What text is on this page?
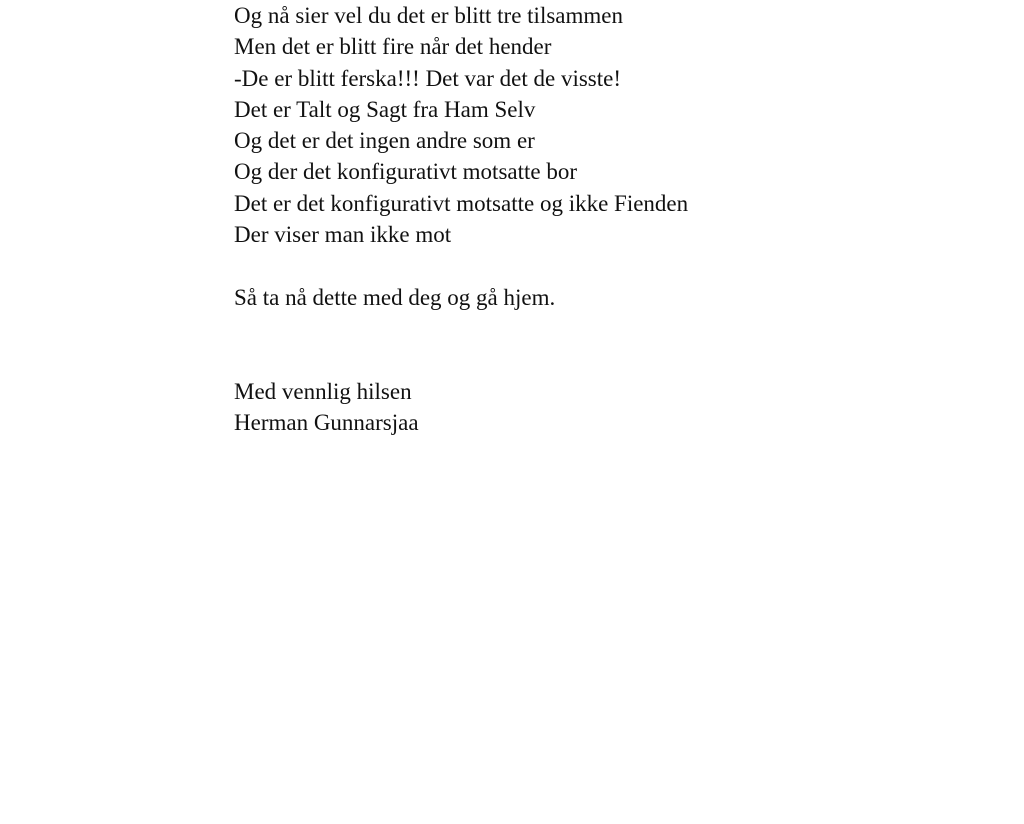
Og nå sier vel du det er blitt tre tilsammen
Men det er blitt fire når det hender
-De er blitt ferska!!! Det var det de visste!
Det er Talt og Sagt fra Ham Selv
Og det er det ingen andre som er
Og der det konfigurativt motsatte bor
Det er det konfigurativt motsatte og ikke Fienden
Der viser man ikke mot
Så ta nå dette med deg og gå hjem.
Med vennlig hilsen
Herman Gunnarsjaa
